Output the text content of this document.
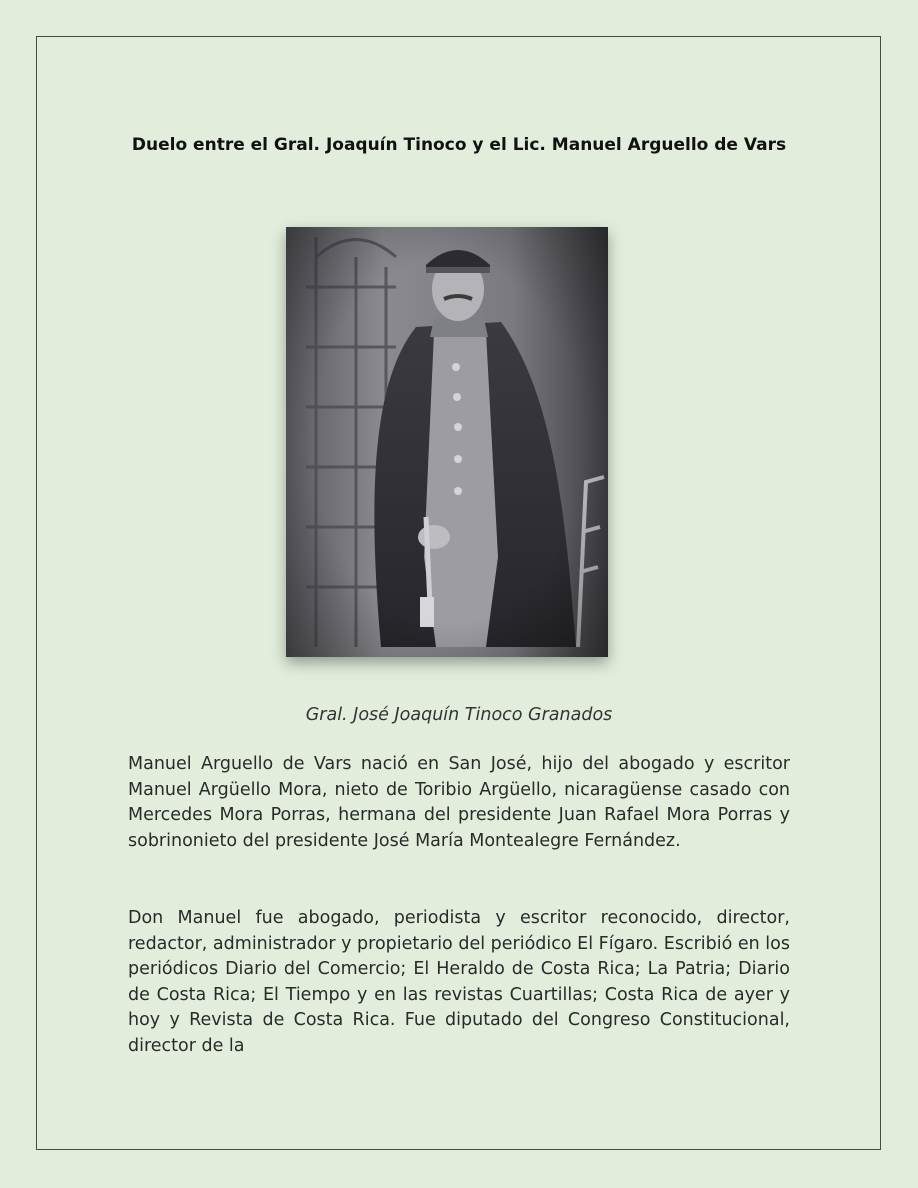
Duelo entre el Gral. Joaquín Tinoco y el Lic. Manuel Arguello de Vars
Gral. José Joaquín Tinoco Granados

Manuel Arguello de Vars nació en San José, hijo del abogado y escritor Manuel Argüello Mora, nieto de Toribio Argüello, nicaragüense casado con Mercedes Mora Porras, hermana del presidente Juan Rafael Mora Porras y sobrinonieto del presidente José María Montealegre Fernández.

Don Manuel fue abogado, periodista y escritor reconocido, director, redactor, administrador y propietario del periódico El Fígaro. Escribió en los periódicos Diario del Comercio; El Heraldo de Costa Rica; La Patria; Diario de Costa Rica; El Tiempo y en las revistas Cuartillas; Costa Rica de ayer y hoy y Revista de Costa Rica. Fue diputado del Congreso Constitucional, director de la
